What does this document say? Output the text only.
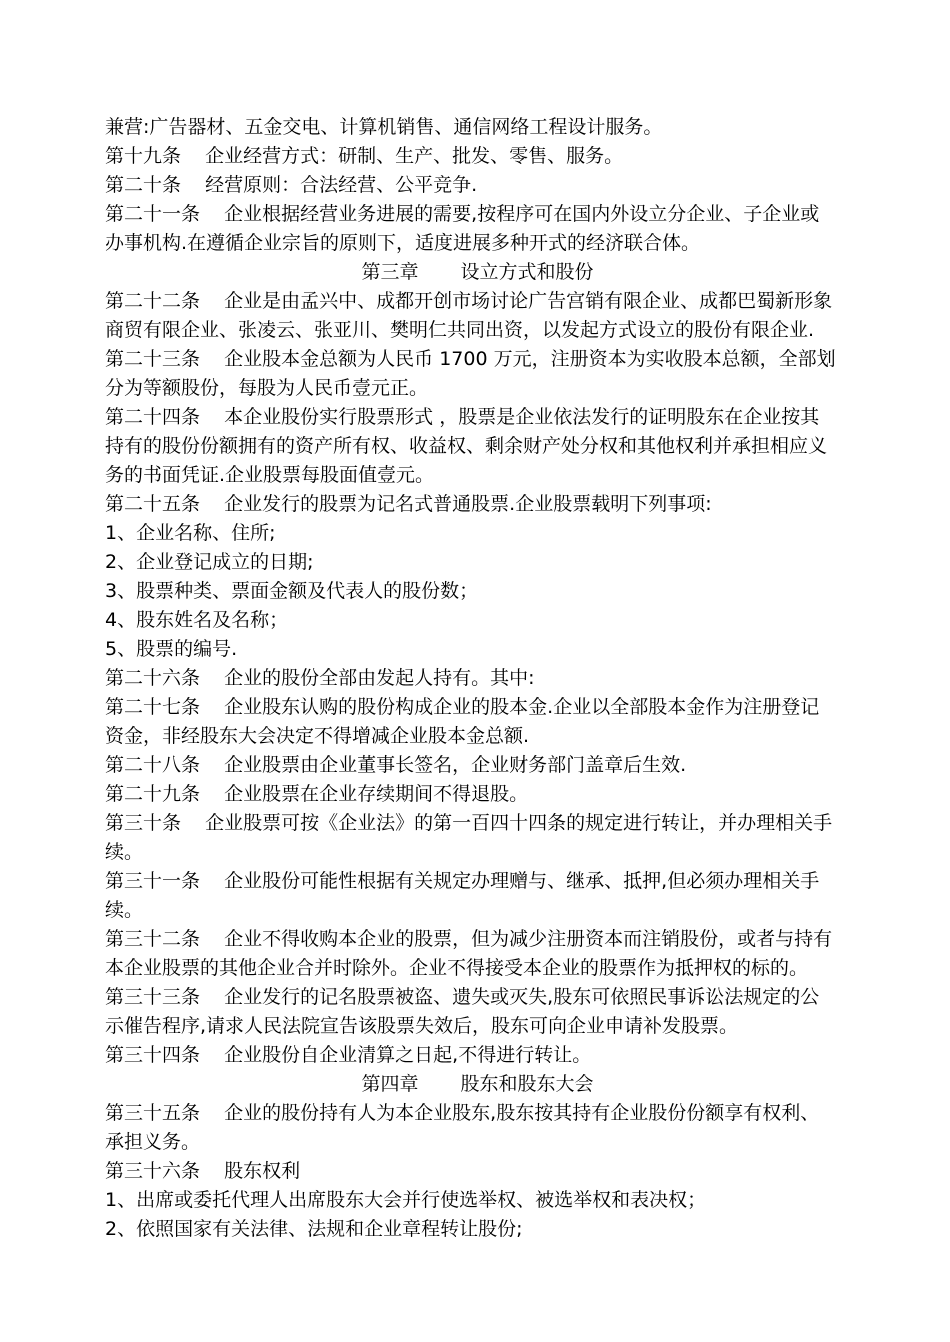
兼营:广告器材、五金交电、计算机销售、通信网络工程设计服务。
第十九条    企业经营方式：研制、生产、批发、零售、服务。
第二十条    经营原则：合法经营、公平竞争.
第二十一条    企业根据经营业务进展的需要,按程序可在国内外设立分企业、子企业或
办事机构.在遵循企业宗旨的原则下，适度进展多种开式的经济联合体。
第三章 设立方式和股份
第二十二条    企业是由孟兴中、成都开创市场讨论广告宫销有限企业、成都巴蜀新形象
商贸有限企业、张凌云、张亚川、樊明仁共同出资，以发起方式设立的股份有限企业.
第二十三条    企业股本金总额为人民币 1700 万元，注册资本为实收股本总额，全部划
分为等额股份，每股为人民币壹元正。
第二十四条    本企业股份实行股票形式 ，股票是企业依法发行的证明股东在企业按其
持有的股份份额拥有的资产所有权、收益权、剩余财产处分权和其他权利并承担相应义
务的书面凭证.企业股票每股面值壹元。
第二十五条    企业发行的股票为记名式普通股票.企业股票载明下列事项:
1、企业名称、住所;
2、企业登记成立的日期;
3、股票种类、票面金额及代表人的股份数；
4、股东姓名及名称；
5、股票的编号.
第二十六条    企业的股份全部由发起人持有。其中:
第二十七条    企业股东认购的股份构成企业的股本金.企业以全部股本金作为注册登记
资金，非经股东大会决定不得增减企业股本金总额.
第二十八条    企业股票由企业董事长签名，企业财务部门盖章后生效.
第二十九条    企业股票在企业存续期间不得退股。
第三十条    企业股票可按《企业法》的第一百四十四条的规定进行转让，并办理相关手
续。
第三十一条    企业股份可能性根据有关规定办理赠与、继承、抵押,但必须办理相关手
续。
第三十二条    企业不得收购本企业的股票，但为减少注册资本而注销股份，或者与持有
本企业股票的其他企业合并时除外。企业不得接受本企业的股票作为抵押权的标的。
第三十三条    企业发行的记名股票被盗、遗失或灭失,股东可依照民事诉讼法规定的公
示催告程序,请求人民法院宣告该股票失效后，股东可向企业申请补发股票。
第三十四条    企业股份自企业清算之日起,不得进行转让。
第四章 股东和股东大会
第三十五条    企业的股份持有人为本企业股东,股东按其持有企业股份份额享有权利、
承担义务。
第三十六条    股东权利
1、出席或委托代理人出席股东大会并行使选举权、被选举权和表决权；
2、依照国家有关法律、法规和企业章程转让股份;
